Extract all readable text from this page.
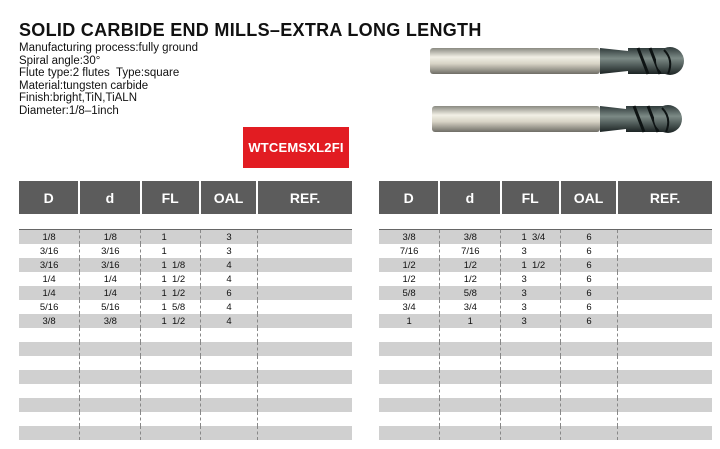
SOLID CARBIDE END MILLS–EXTRA LONG LENGTH
Manufacturing process:fully ground
Spiral angle:30°
Flute type:2 flutes  Type:square
Material:tungsten carbide
Finish:bright,TiN,TiALN
Diameter:1/8–1inch
WTCEMSXL2FI
D	d	FL	OAL	REF.
1/8	1/8	1	3
3/16	3/16	1	3
3/16	3/16	1  1/8	4
1/4	1/4	1  1/2	4
1/4	1/4	1  1/2	6
5/16	5/16	1  5/8	4
3/8	3/8	1  1/2	4
D	d	FL	OAL	REF.
3/8	3/8	1  3/4	6
7/16	7/16	3	6
1/2	1/2	1  1/2	6
1/2	1/2	3	6
5/8	5/8	3	6
3/4	3/4	3	6
1	1	3	6
